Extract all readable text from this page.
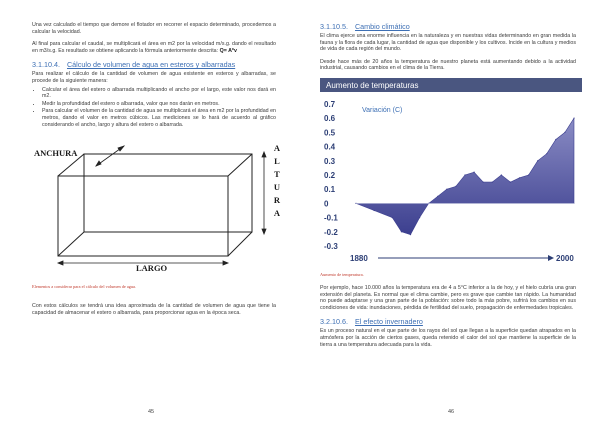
Una vez calculado el tiempo que demore el flotador en recorrer el espacio determinado, procedemos a calcular la velocidad.

Al final para calcular el caudal, se multiplicará el área en m2 por la velocidad m/s.g. dando el resultado en m3/s.g. Es resultado se obtiene aplicando la fórmula anteriormente descrita: Q= A*v

3.1.10.4. Cálculo de volumen de agua en esteros y albarradas

Para realizar el cálculo de la cantidad de volumen de agua existente en esteros y albarradas, se procede de la siguiente manera:

• Calcular el área del estero o albarrada multiplicando el ancho por el largo, este valor nos dará en m2.
• Medir la profundidad del estero o albarrada, valor que nos darán en metros.
• Para calcular el volumen de la cantidad de agua se multiplicará el área en m2 por la profundidad en metros, dando el valor en metros cúbicos. Las mediciones se lo hará de acuerdo al gráfico considerando el ancho, largo y altura del estero o albarrada.
ANCHURA	A
L
T
U
R
A
LARGO
Elementos a considerar para el cálculo del volumen de agua.

Con estos cálculos se tendrá una idea aproximada de la cantidad de volumen de agua que tiene la capacidad de almacenar el estero o albarrada, para proporcionar agua en la época seca.

45
3.1.10.5. Cambio climático

El clima ejerce una enorme influencia en la naturaleza y en nuestras vidas determinando en gran medida la fauna y la flora de cada lugar, la cantidad de agua que disponible y los cultivos. Incide en la cultura y medios de vida de cada región del mundo.

Desde hace más de 20 años la temperatura de nuestro planeta está aumentando debido a la actividad industrial, causando cambios en el clima de la Tierra.

Aumento de temperaturas
Variación (C)
0.7
0.6
0.5
0.4
0.3
0.2
0.1
0
-0.1
-0.2
-0.3
1880	2000
Aumento de temperatura.

Por ejemplo, hace 10.000 años la temperatura era de 4 a 5°C inferior a la de hoy, y el hielo cubría una gran extensión del planeta. Es normal que el clima cambie, pero es grave que cambie tan rápido. La humanidad no puede adaptarse y una gran parte de la población: sobre todo la más pobre, sufrirá los cambios en sus condiciones de vida: inundaciones, pérdida de fertilidad del suelo, propagación de enfermedades tropicales.

3.2.10.6. El efecto invernadero

Es un proceso natural en el que parte de los rayos del sol que llegan a la superficie quedan atrapados en la atmósfera por la acción de ciertos gases, queda retenido el calor del sol que mantiene la superficie de la tierra a una temperatura adecuada para la vida.

46
